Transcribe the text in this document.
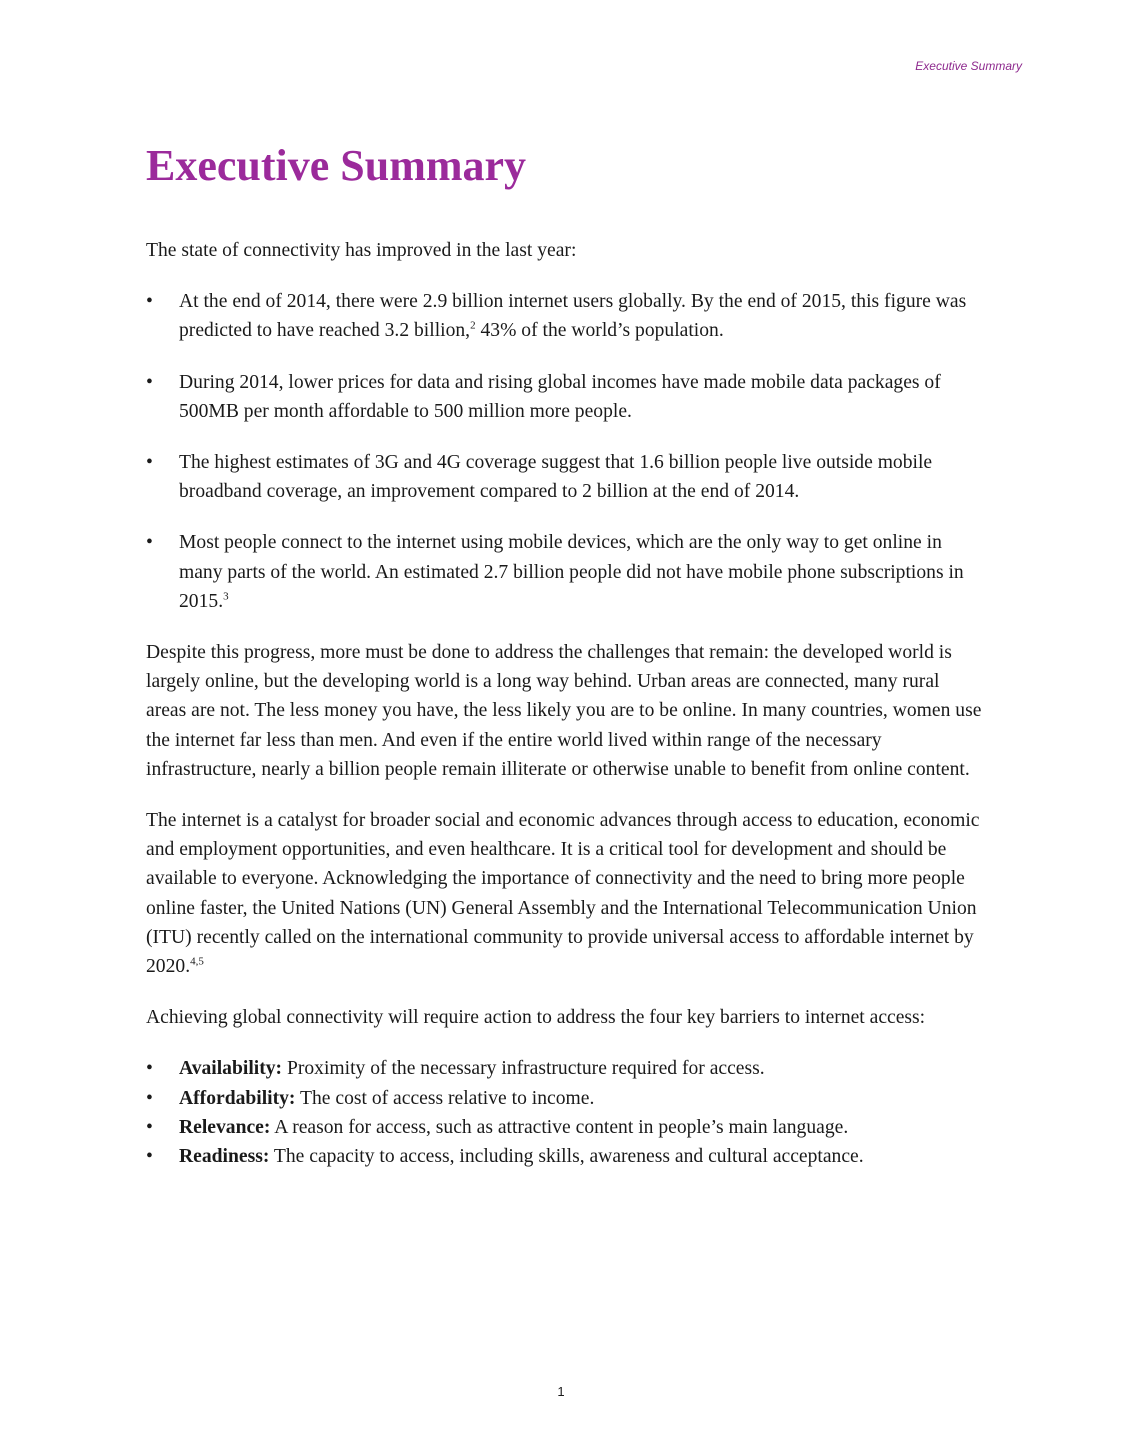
Executive Summary
Executive Summary

The state of connectivity has improved in the last year:

• At the end of 2014, there were 2.9 billion internet users globally. By the end of 2015, this figure was predicted to have reached 3.2 billion,$^2$ 43% of the world’s population.
• During 2014, lower prices for data and rising global incomes have made mobile data packages of 500MB per month affordable to 500 million more people.
• The highest estimates of 3G and 4G coverage suggest that 1.6 billion people live outside mobile broadband coverage, an improvement compared to 2 billion at the end of 2014.
• Most people connect to the internet using mobile devices, which are the only way to get online in many parts of the world. An estimated 2.7 billion people did not have mobile phone subscriptions in 2015.$^3$

Despite this progress, more must be done to address the challenges that remain: the developed world is largely online, but the developing world is a long way behind. Urban areas are connected, many rural areas are not. The less money you have, the less likely you are to be online. In many countries, women use the internet far less than men. And even if the entire world lived within range of the necessary infrastructure, nearly a billion people remain illiterate or otherwise unable to benefit from online content.

The internet is a catalyst for broader social and economic advances through access to education, economic and employment opportunities, and even healthcare. It is a critical tool for development and should be available to everyone. Acknowledging the importance of connectivity and the need to bring more people online faster, the United Nations (UN) General Assembly and the International Telecommunication Union (ITU) recently called on the international community to provide universal access to affordable internet by 2020.$^{4,5}$

Achieving global connectivity will require action to address the four key barriers to internet access:

• Availability: Proximity of the necessary infrastructure required for access.
• Affordability: The cost of access relative to income.
• Relevance: A reason for access, such as attractive content in people’s main language.
• Readiness: The capacity to access, including skills, awareness and cultural acceptance.
1
